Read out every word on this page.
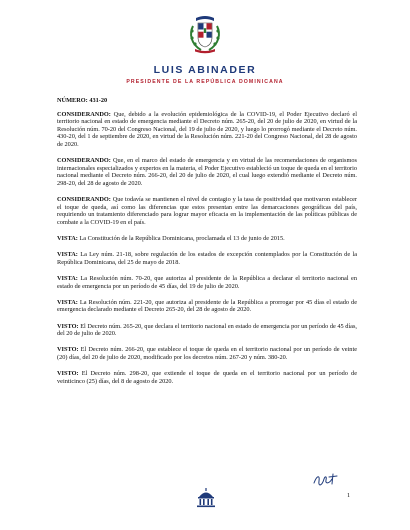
LUIS ABINADER
PRESIDENTE DE LA REPÚBLICA DOMINICANA

NÚMERO: 431-20

CONSIDERANDO: Que, debido a la evolución epidemiológica de la COVID-19, el Poder Ejecutivo declaró el territorio nacional en estado de emergencia mediante el Decreto núm. 265-20, del 20 de julio de 2020, en virtud de la Resolución núm. 70-20 del Congreso Nacional, del 19 de julio de 2020, y luego lo prorrogó mediante el Decreto núm. 430-20, del 1 de septiembre de 2020, en virtud de la Resolución núm. 221-20 del Congreso Nacional, del 28 de agosto de 2020.

CONSIDERANDO: Que, en el marco del estado de emergencia y en virtud de las recomendaciones de organismos internacionales especializados y expertos en la materia, el Poder Ejecutivo estableció un toque de queda en el territorio nacional mediante el Decreto núm. 266-20, del 20 de julio de 2020, el cual luego extendió mediante el Decreto núm. 298-20, del 28 de agosto de 2020.

CONSIDERANDO: Que todavía se mantienen el nivel de contagio y la tasa de positividad que motivaron establecer el toque de queda, así como las diferencias que estos presentan entre las demarcaciones geográficas del país, requiriendo un tratamiento diferenciado para lograr mayor eficacia en la implementación de las políticas públicas de combate a la COVID-19 en el país.

VISTA: La Constitución de la República Dominicana, proclamada el 13 de junio de 2015.

VISTA: La Ley núm. 21-18, sobre regulación de los estados de excepción contemplados por la Constitución de la República Dominicana, del 25 de mayo de 2018.

VISTA: La Resolución núm. 70-20, que autoriza al presidente de la República a declarar el territorio nacional en estado de emergencia por un período de 45 días, del 19 de julio de 2020.

VISTA: La Resolución núm. 221-20, que autoriza al presidente de la República a prorrogar por 45 días el estado de emergencia declarado mediante el Decreto 265-20, del 28 de agosto de 2020.

VISTO: El Decreto núm. 265-20, que declara el territorio nacional en estado de emergencia por un período de 45 días, del 20 de julio de 2020.

VISTO: El Decreto núm. 266-20, que establece el toque de queda en el territorio nacional por un período de veinte (20) días, del 20 de julio de 2020, modificado por los decretos núm. 267-20 y núm. 380-20.

VISTO: El Decreto núm. 298-20, que extiende el toque de queda en el territorio nacional por un período de veinticinco (25) días, del 8 de agosto de 2020.

1
